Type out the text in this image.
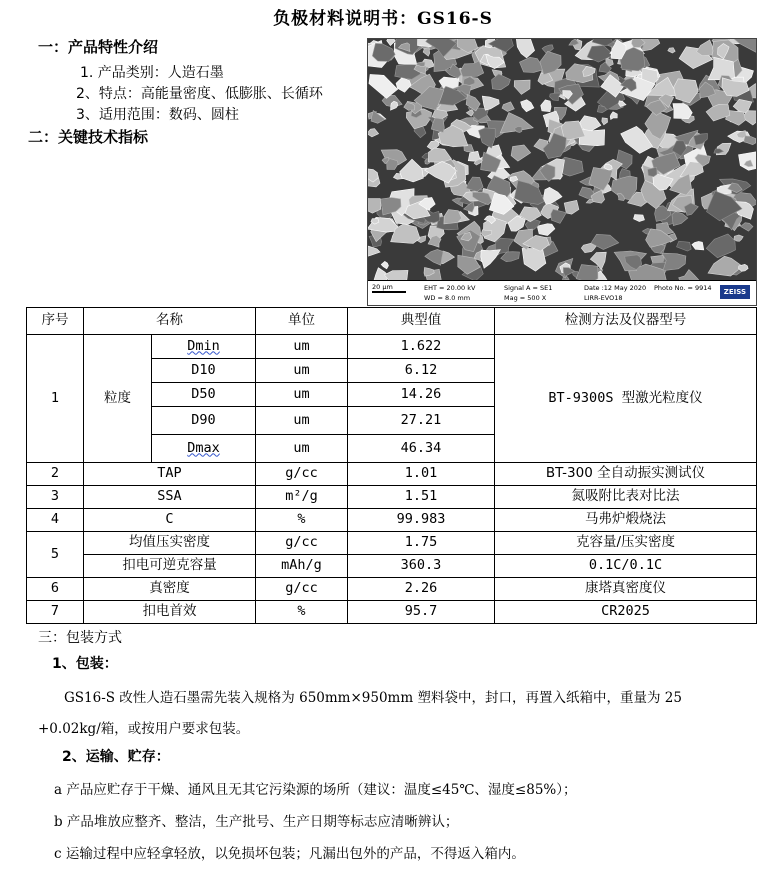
负极材料说明书：GS16-S
一：产品特性介绍
1. 产品类别：人造石墨
2、特点：高能量密度、低膨胀、长循环
3、适用范围：数码、圆柱
二：关键技术指标
20 μm	EHT = 20.00 kV
WD = 8.0 mm
Signal A = SE1
Mag = 500 X
Date :12 May 2020
LIRR-EVO18
Photo No. = 9914	ZEISS
序号	名称		单位	典型值	检测方法及仪器型号
1	粒度	Dmin	um	1.622	BT-9300S 型激光粒度仪
		D10	um	6.12	
		D50	um	14.26	
		D90	um	27.21	
		Dmax	um	46.34	
2	TAP		g/cc	1.01	BT-300 全自动振实测试仪
3	SSA		m²/g	1.51	氮吸附比表对比法
4	C		%	99.983	马弗炉煅烧法
5	均值压实密度		g/cc	1.75	克容量/压实密度
	扣电可逆克容量		mAh/g	360.3	0.1C/0.1C
6	真密度		g/cc	2.26	康塔真密度仪
7	扣电首效		%	95.7	CR2025
三：包装方式
1、包装：
GS16-S 改性人造石墨需先装入规格为 650mm×950mm 塑料袋中，封口，再置入纸箱中，重量为 25
+0.02kg/箱，或按用户要求包装。
2、运输、贮存：
a 产品应贮存于干燥、通风且无其它污染源的场所（建议：温度≤45℃、湿度≤85%）；
b 产品堆放应整齐、整洁，生产批号、生产日期等标志应清晰辨认；
c 运输过程中应轻拿轻放，以免损坏包装；凡漏出包外的产品，不得返入箱内。
